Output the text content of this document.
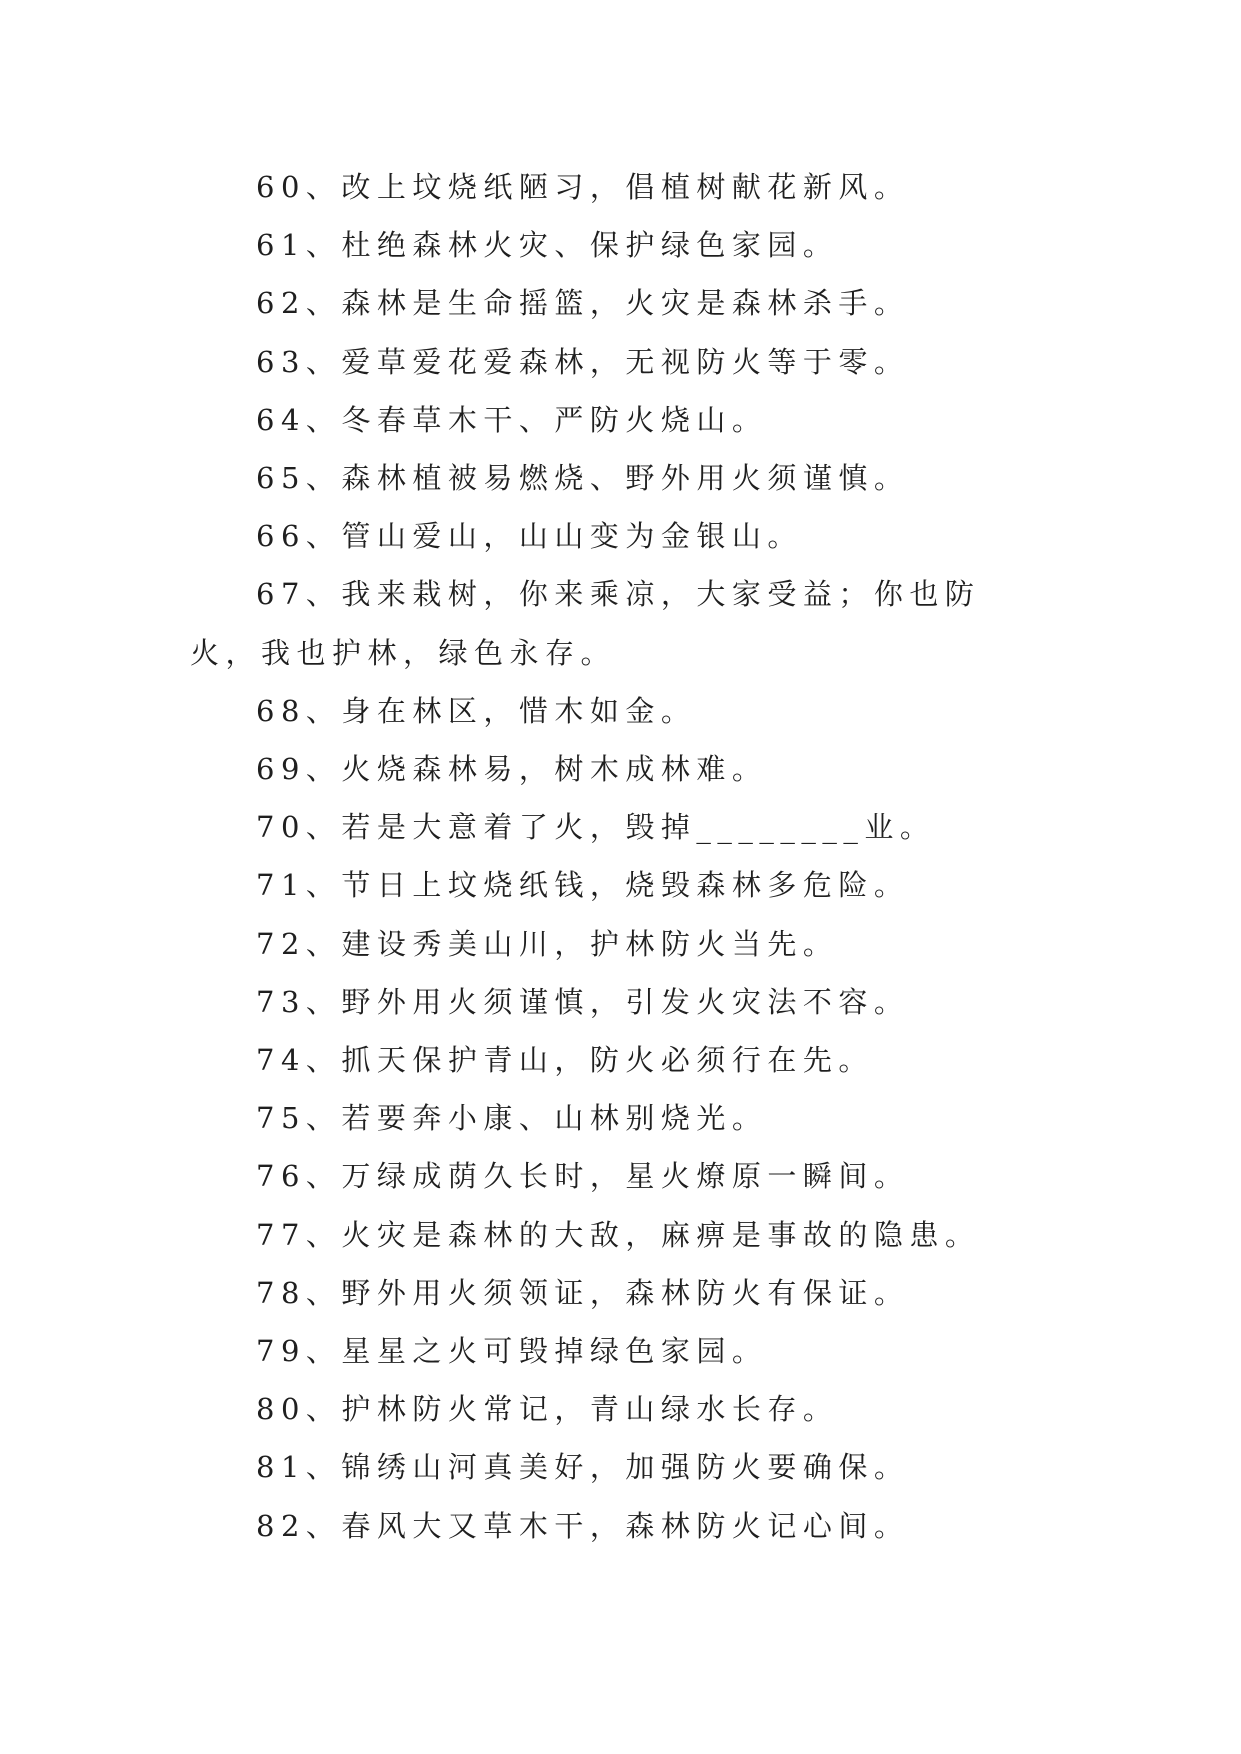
60、改上坟烧纸陋习，倡植树献花新风。

61、杜绝森林火灾、保护绿色家园。

62、森林是生命摇篮，火灾是森林杀手。

63、爱草爱花爱森林，无视防火等于零。

64、冬春草木干、严防火烧山。

65、森林植被易燃烧、野外用火须谨慎。

66、管山爱山，山山变为金银山。

67、我来栽树，你来乘凉，大家受益；你也防火，我也护林，绿色永存。

68、身在林区，惜木如金。

69、火烧森林易，树木成林难。

70、若是大意着了火，毁掉________业。

71、节日上坟烧纸钱，烧毁森林多危险。

72、建设秀美山川，护林防火当先。

73、野外用火须谨慎，引发火灾法不容。

74、抓天保护青山，防火必须行在先。

75、若要奔小康、山林别烧光。

76、万绿成荫久长时，星火燎原一瞬间。

77、火灾是森林的大敌，麻痹是事故的隐患。

78、野外用火须领证，森林防火有保证。

79、星星之火可毁掉绿色家园。

80、护林防火常记，青山绿水长存。

81、锦绣山河真美好，加强防火要确保。

82、春风大又草木干，森林防火记心间。
